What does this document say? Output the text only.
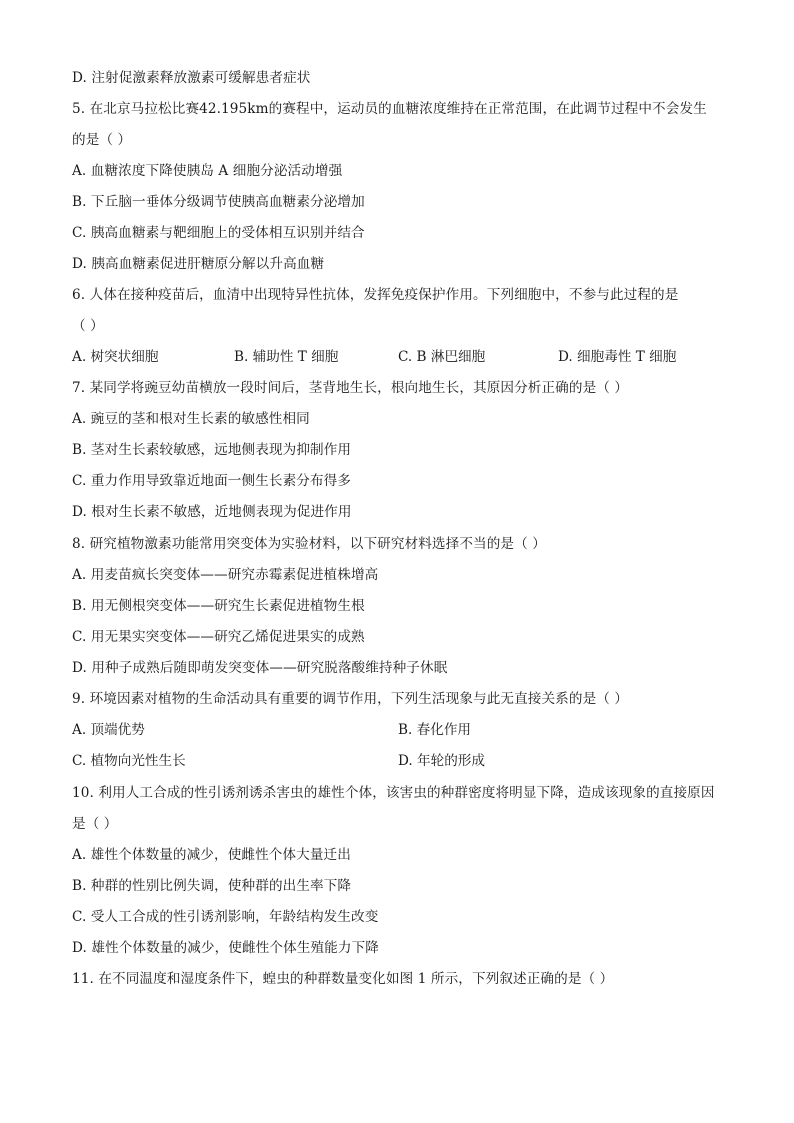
D. 注射促激素释放激素可缓解患者症状
5. 在北京马拉松比赛42.195km的赛程中，运动员的血糖浓度维持在正常范围，在此调节过程中不会发生
的是（ ）
A. 血糖浓度下降使胰岛 A 细胞分泌活动增强
B. 下丘脑一垂体分级调节使胰高血糖素分泌增加
C. 胰高血糖素与靶细胞上的受体相互识别并结合
D. 胰高血糖素促进肝糖原分解以升高血糖
6. 人体在接种疫苗后，血清中出现特异性抗体，发挥免疫保护作用。下列细胞中，不参与此过程的是
（ ）
A. 树突状细胞	B. 辅助性 T 细胞	C. B 淋巴细胞	D. 细胞毒性 T 细胞
7. 某同学将豌豆幼苗横放一段时间后，茎背地生长，根向地生长，其原因分析正确的是（ ）
A. 豌豆的茎和根对生长素的敏感性相同
B. 茎对生长素较敏感，远地侧表现为抑制作用
C. 重力作用导致靠近地面一侧生长素分布得多
D. 根对生长素不敏感，近地侧表现为促进作用
8. 研究植物激素功能常用突变体为实验材料，以下研究材料选择不当的是（ ）
A. 用麦苗疯长突变体——研究赤霉素促进植株增高
B. 用无侧根突变体——研究生长素促进植物生根
C. 用无果实突变体——研究乙烯促进果实的成熟
D. 用种子成熟后随即萌发突变体——研究脱落酸维持种子休眠
9. 环境因素对植物的生命活动具有重要的调节作用，下列生活现象与此无直接关系的是（ ）
A. 顶端优势	B. 春化作用
C. 植物向光性生长	D. 年轮的形成
10. 利用人工合成的性引诱剂诱杀害虫的雄性个体，该害虫的种群密度将明显下降，造成该现象的直接原因
是（ ）
A. 雄性个体数量的减少，使雌性个体大量迁出
B. 种群的性别比例失调，使种群的出生率下降
C. 受人工合成的性引诱剂影响，年龄结构发生改变
D. 雄性个体数量的减少，使雌性个体生殖能力下降
11. 在不同温度和湿度条件下，蝗虫的种群数量变化如图 1 所示，下列叙述正确的是（ ）
